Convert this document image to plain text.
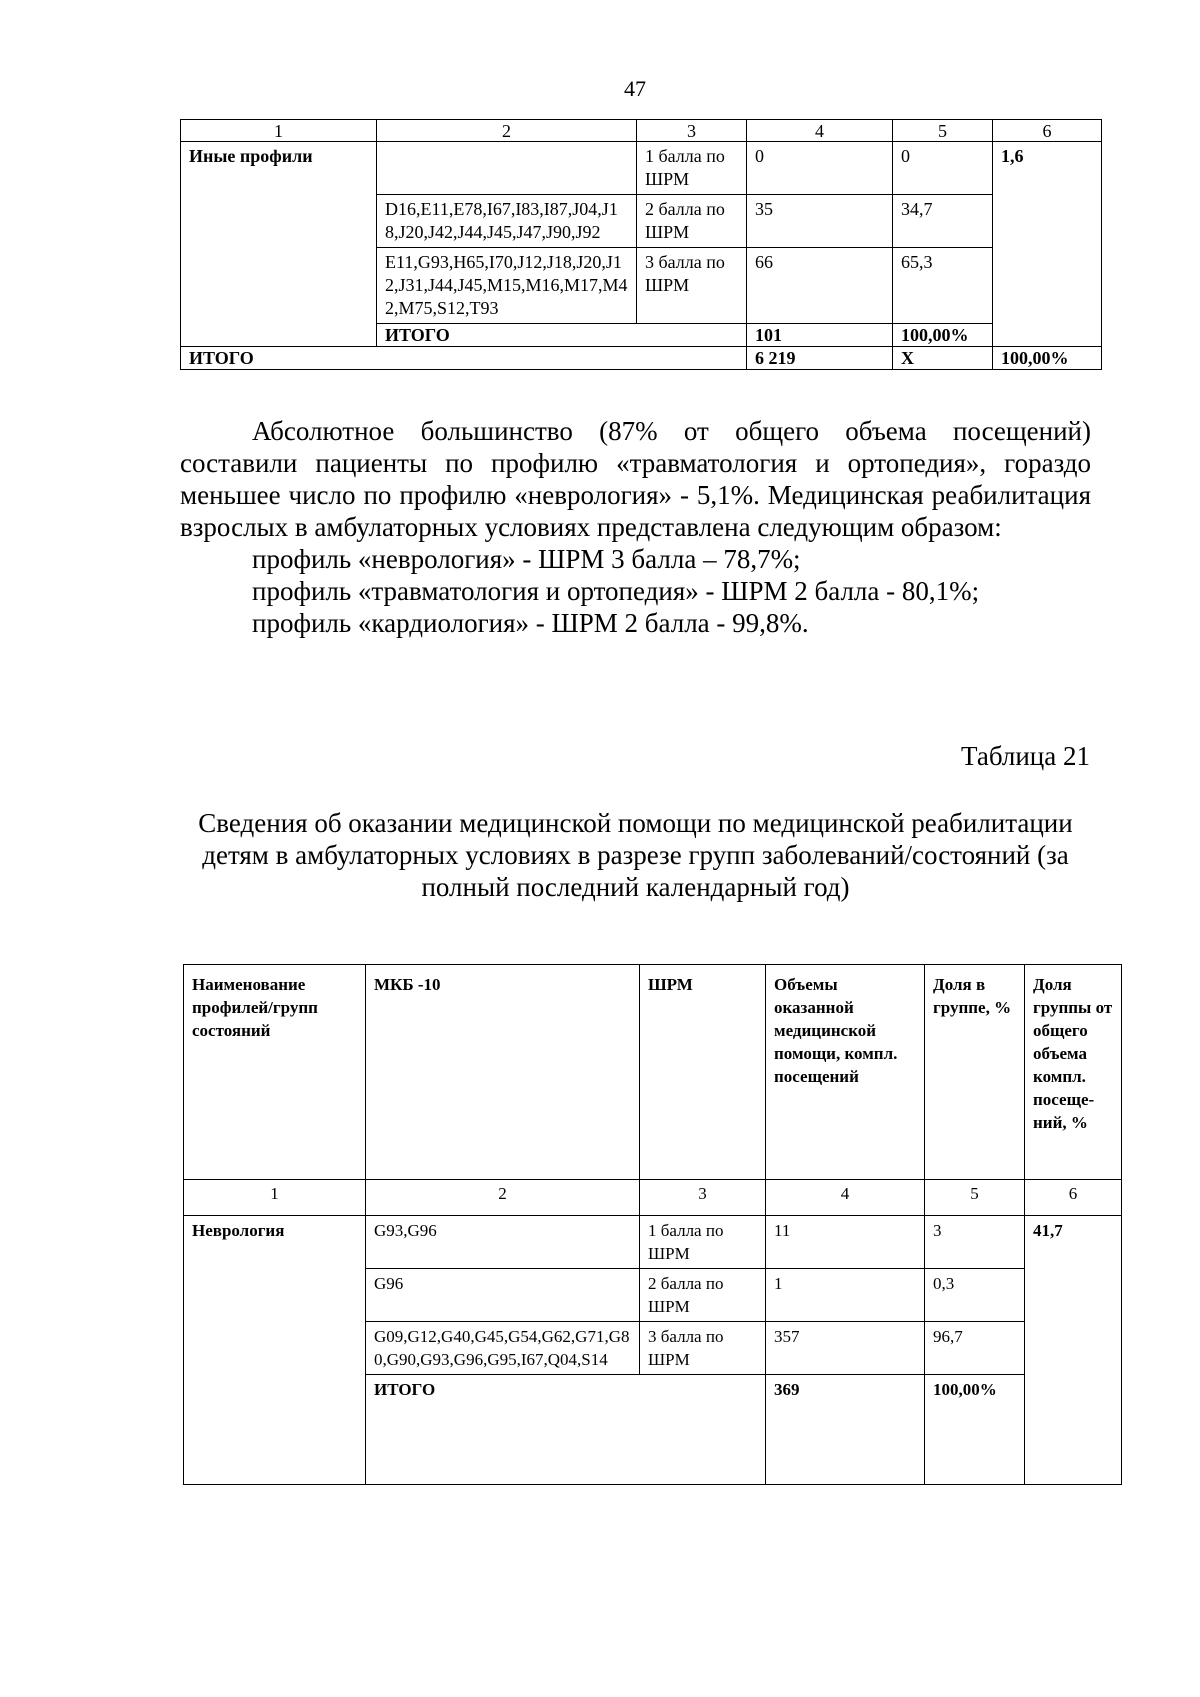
47
1	2	3	4	5	6
Иные профили		1 балла по ШРМ	0	0	1,6
	D16,E11,E78,I67,I83,I87,J04,J18,J20,J42,J44,J45,J47,J90,J92	2 балла по ШРМ	35	34,7	
	E11,G93,H65,I70,J12,J18,J20,J12,J31,J44,J45,M15,M16,M17,M42,M75,S12,T93	3 балла по ШРМ	66	65,3	
	ИТОГО		101	100,00%	
ИТОГО			6 219	X	100,00%

Абсолютное большинство (87% от общего объема посещений) составили пациенты по профилю «травматология и ортопедия», гораздо меньшее число по профилю «неврология» - 5,1%. Медицинская реабилитация взрослых в амбулаторных условиях представлена следующим образом:

профиль «неврология» - ШРМ 3 балла – 78,7%;
профиль «травматология и ортопедия» - ШРМ 2 балла - 80,1%;
профиль «кардиология» - ШРМ 2 балла - 99,8%.
Таблица 21
Сведения об оказании медицинской помощи по медицинской реабилитации детям в амбулаторных условиях в разрезе групп заболеваний/состояний (за полный последний календарный год)
Наименование профилей/групп состояний	МКБ -10	ШРМ	Объемы оказанной медицинской помощи, компл. посещений	Доля в группе, %	Доля группы от общего объема компл. посеще-ний, %
1	2	3	4	5	6
Неврология	G93,G96	1 балла по ШРМ	11	3	41,7
	G96	2 балла по ШРМ	1	0,3	
	G09,G12,G40,G45,G54,G62,G71,G80,G90,G93,G96,G95,I67,Q04,S14	3 балла по ШРМ	357	96,7	
	ИТОГО		369	100,00%	
